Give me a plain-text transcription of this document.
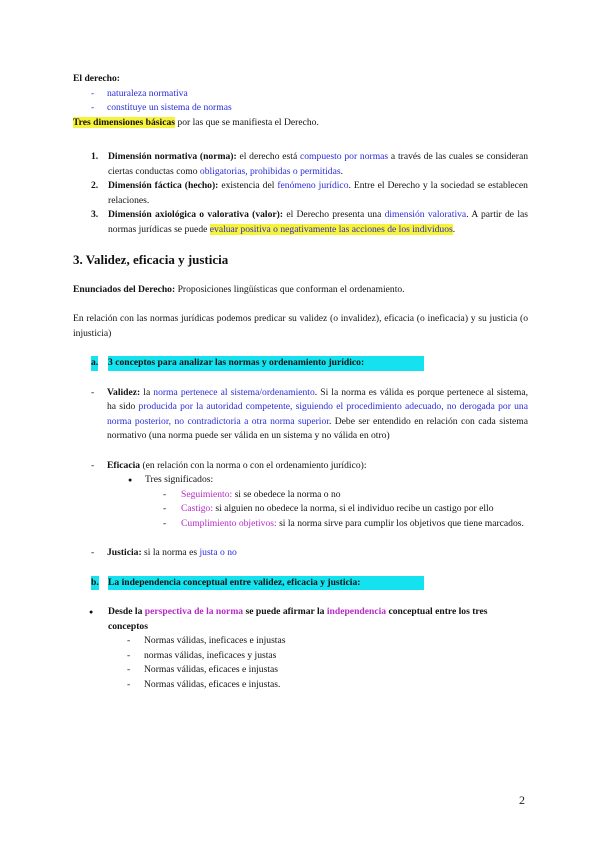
El derecho:

- naturaleza normativa
- constituye un sistema de normas

Tres dimensiones básicas por las que se manifiesta el Derecho.

1. Dimensión normativa (norma): el derecho está compuesto por normas a través de las cuales se consideran ciertas conductas como obligatorias, prohibidas o permitidas.
2. Dimensión fáctica (hecho): existencia del fenómeno jurídico. Entre el Derecho y la sociedad se establecen relaciones.
3. Dimensión axiológica o valorativa (valor): el Derecho presenta una dimensión valorativa. A partir de las normas jurídicas se puede evaluar positiva o negativamente las acciones de los individuos.

3. Validez, eficacia y justicia

Enunciados del Derecho: Proposiciones lingüísticas que conforman el ordenamiento.

En relación con las normas jurídicas podemos predicar su validez (o invalidez), eficacia (o ineficacia) y su justicia (o injusticia)

a. 3 conceptos para analizar las normas y ordenamiento jurídico:
- Validez: la norma pertenece al sistema/ordenamiento. Si la norma es válida es porque pertenece al sistema, ha sido producida por la autoridad competente, siguiendo el procedimiento adecuado, no derogada por una norma posterior, no contradictoria a otra norma superior. Debe ser entendido en relación con cada sistema normativo (una norma puede ser válida en un sistema y no válida en otro)
- Eficacia (en relación con la norma o con el ordenamiento jurídico):
● Tres significados:
- Seguimiento: si se obedece la norma o no
- Castigo: si alguien no obedece la norma, si el individuo recibe un castigo por ello
- Cumplimiento objetivos: si la norma sirve para cumplir los objetivos que tiene marcados.
- Justicia: si la norma es justa o no
b. La independencia conceptual entre validez, eficacia y justicia:
● Desde la perspectiva de la norma se puede afirmar la independencia conceptual entre los tres conceptos
- Normas válidas, ineficaces e injustas
- normas válidas, ineficaces y justas
- Normas válidas, eficaces e injustas
- Normas válidas, eficaces e injustas.
2
